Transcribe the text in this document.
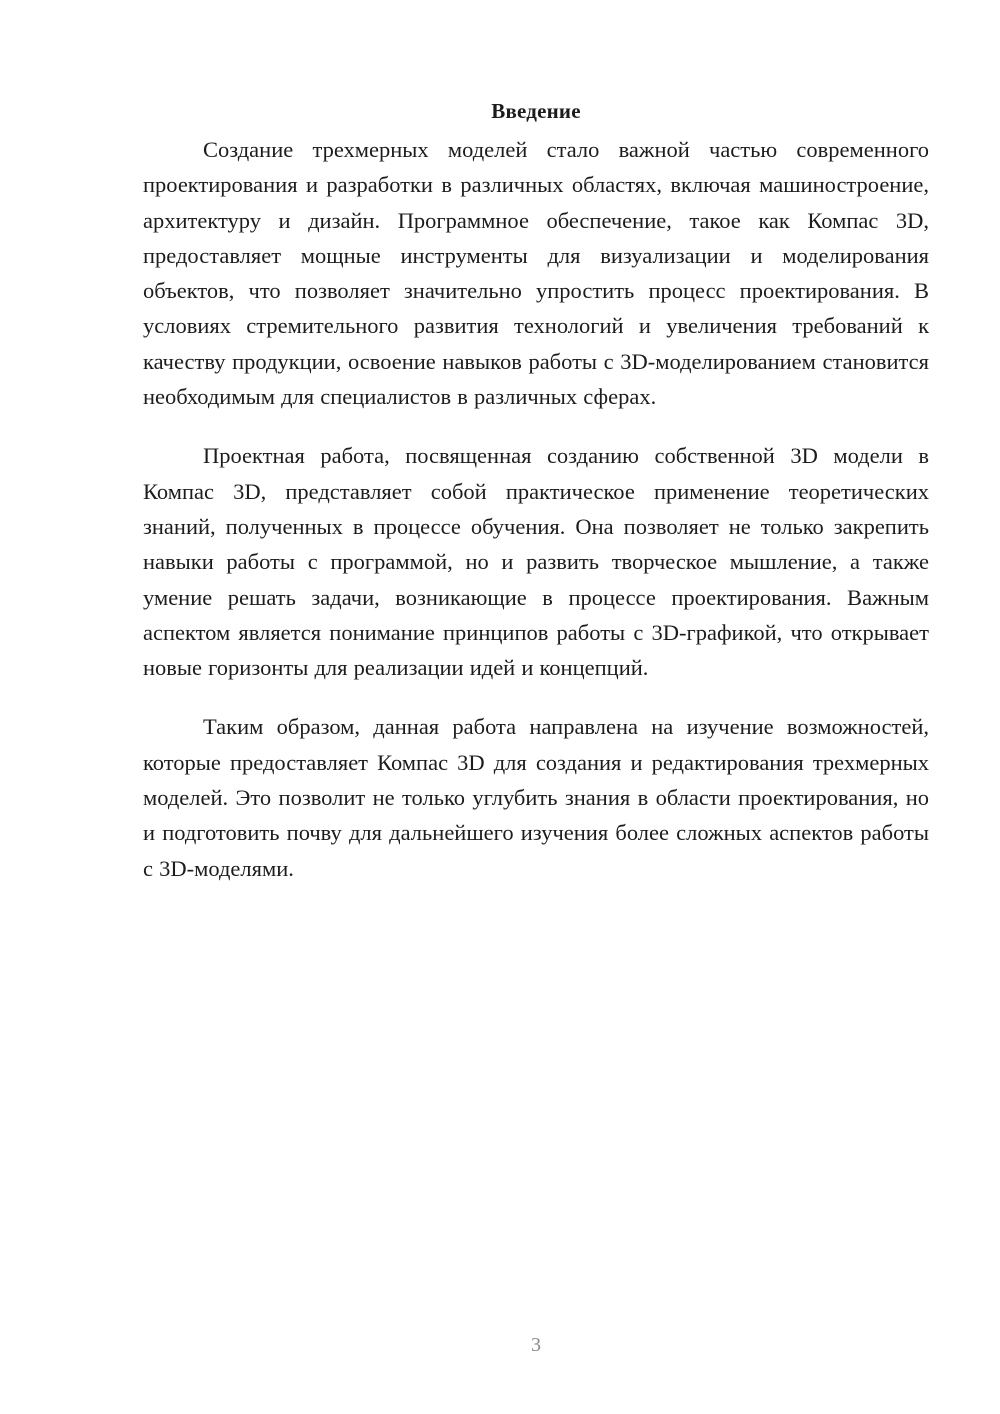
Введение

Создание трехмерных моделей стало важной частью современного проектирования и разработки в различных областях, включая машиностроение, архитектуру и дизайн. Программное обеспечение, такое как Компас 3D, предоставляет мощные инструменты для визуализации и моделирования объектов, что позволяет значительно упростить процесс проектирования. В условиях стремительного развития технологий и увеличения требований к качеству продукции, освоение навыков работы с 3D-моделированием становится необходимым для специалистов в различных сферах.

Проектная работа, посвященная созданию собственной 3D модели в Компас 3D, представляет собой практическое применение теоретических знаний, полученных в процессе обучения. Она позволяет не только закрепить навыки работы с программой, но и развить творческое мышление, а также умение решать задачи, возникающие в процессе проектирования. Важным аспектом является понимание принципов работы с 3D-графикой, что открывает новые горизонты для реализации идей и концепций.

Таким образом, данная работа направлена на изучение возможностей, которые предоставляет Компас 3D для создания и редактирования трехмерных моделей. Это позволит не только углубить знания в области проектирования, но и подготовить почву для дальнейшего изучения более сложных аспектов работы с 3D-моделями.

3
